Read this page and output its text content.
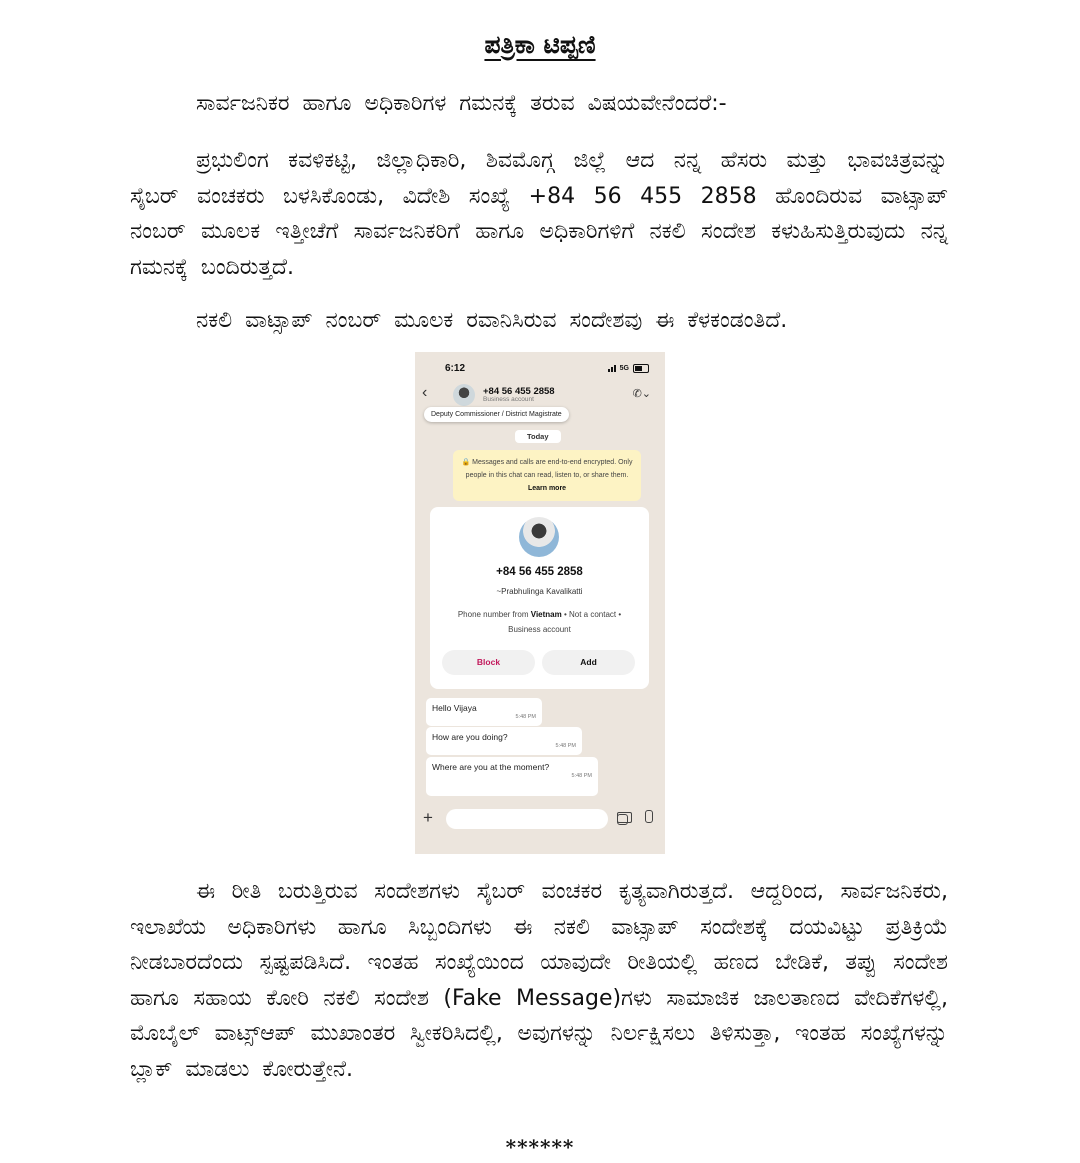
ಪತ್ರಿಕಾ ಟಿಪ್ಪಣಿ
ಸಾರ್ವಜನಿಕರ ಹಾಗೂ ಅಧಿಕಾರಿಗಳ ಗಮನಕ್ಕೆ ತರುವ ವಿಷಯವೇನೆಂದರೆ:-
ಪ್ರಭುಲಿಂಗ ಕವಳಿಕಟ್ಟಿ, ಜಿಲ್ಲಾಧಿಕಾರಿ, ಶಿವಮೊಗ್ಗ ಜಿಲ್ಲೆ ಆದ ನನ್ನ ಹೆಸರು ಮತ್ತು ಭಾವಚಿತ್ರವನ್ನು ಸೈಬರ್ ವಂಚಕರು ಬಳಸಿಕೊಂಡು, ವಿದೇಶಿ ಸಂಖ್ಯೆ +84 56 455 2858 ಹೊಂದಿರುವ ವಾಟ್ಸಾಪ್ ನಂಬರ್ ಮೂಲಕ ಇತ್ತೀಚೆಗೆ ಸಾರ್ವಜನಿಕರಿಗೆ ಹಾಗೂ ಅಧಿಕಾರಿಗಳಿಗೆ ನಕಲಿ ಸಂದೇಶ ಕಳುಹಿಸುತ್ತಿರುವುದು ನನ್ನ ಗಮನಕ್ಕೆ ಬಂದಿರುತ್ತದೆ.
ನಕಲಿ ವಾಟ್ಸಾಪ್ ನಂಬರ್ ಮೂಲಕ ರವಾನಿಸಿರುವ ಸಂದೇಶವು ಈ ಕೆಳಕಂಡಂತಿದೆ.
6:12	5G
‹	+84 56 455 2858
Business account	✆⌄
Deputy Commissioner / District Magistrate
Today
🔒 Messages and calls are end-to-end encrypted. Only people in this chat can read, listen to, or share them. Learn more
+84 56 455 2858
~Prabhulinga Kavalikatti
Phone number from Vietnam • Not a contact • Business account
Block	Add
Hello Vijaya
5:48 PM
How are you doing?
5:48 PM
Where are you at the moment?
5:48 PM
+
ಈ ರೀತಿ ಬರುತ್ತಿರುವ ಸಂದೇಶಗಳು ಸೈಬರ್ ವಂಚಕರ ಕೃತ್ಯವಾಗಿರುತ್ತದೆ. ಆದ್ದರಿಂದ, ಸಾರ್ವಜನಿಕರು, ಇಲಾಖೆಯ ಅಧಿಕಾರಿಗಳು ಹಾಗೂ ಸಿಬ್ಬಂದಿಗಳು ಈ ನಕಲಿ ವಾಟ್ಸಾಪ್ ಸಂದೇಶಕ್ಕೆ ದಯವಿಟ್ಟು ಪ್ರತಿಕ್ರಿಯೆ ನೀಡಬಾರದೆಂದು ಸ್ಪಷ್ಟಪಡಿಸಿದೆ. ಇಂತಹ ಸಂಖ್ಯೆಯಿಂದ ಯಾವುದೇ ರೀತಿಯಲ್ಲಿ ಹಣದ ಬೇಡಿಕೆ, ತಪ್ಪು ಸಂದೇಶ ಹಾಗೂ ಸಹಾಯ ಕೋರಿ ನಕಲಿ ಸಂದೇಶ (Fake Message)ಗಳು ಸಾಮಾಜಿಕ ಜಾಲತಾಣದ ವೇದಿಕೆಗಳಲ್ಲಿ, ಮೊಬೈಲ್ ವಾಟ್ಸ್ಆಪ್ ಮುಖಾಂತರ ಸ್ವೀಕರಿಸಿದಲ್ಲಿ, ಅವುಗಳನ್ನು ನಿರ್ಲಕ್ಷಿಸಲು ತಿಳಿಸುತ್ತಾ, ಇಂತಹ ಸಂಖ್ಯೆಗಳನ್ನು ಬ್ಲಾಕ್ ಮಾಡಲು ಕೋರುತ್ತೇನೆ.
******
